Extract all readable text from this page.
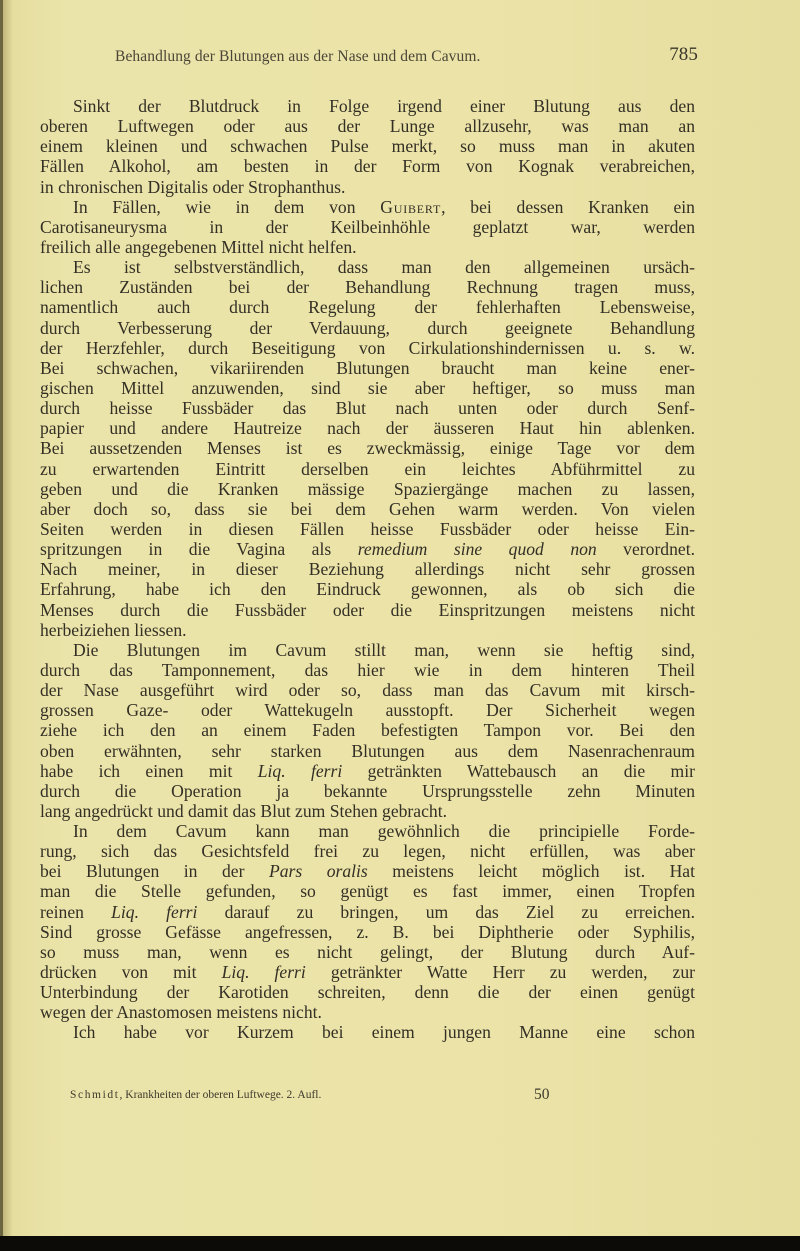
Behandlung der Blutungen aus der Nase und dem Cavum.	785
Sinkt der Blutdruck in Folge irgend einer Blutung aus den
oberen Luftwegen oder aus der Lunge allzusehr, was man an
einem kleinen und schwachen Pulse merkt, so muss man in akuten
Fällen Alkohol, am besten in der Form von Kognak verabreichen,
in chronischen Digitalis oder Strophanthus.
In Fällen, wie in dem von Guibert, bei dessen Kranken ein
Carotisaneurysma in der Keilbeinhöhle geplatzt war, werden
freilich alle angegebenen Mittel nicht helfen.
Es ist selbstverständlich, dass man den allgemeinen ursäch-
lichen Zuständen bei der Behandlung Rechnung tragen muss,
namentlich auch durch Regelung der fehlerhaften Lebensweise,
durch Verbesserung der Verdauung, durch geeignete Behandlung
der Herzfehler, durch Beseitigung von Cirkulationshindernissen u. s. w.
Bei schwachen, vikariirenden Blutungen braucht man keine ener-
gischen Mittel anzuwenden, sind sie aber heftiger, so muss man
durch heisse Fussbäder das Blut nach unten oder durch Senf-
papier und andere Hautreize nach der äusseren Haut hin ablenken.
Bei aussetzenden Menses ist es zweckmässig, einige Tage vor dem
zu erwartenden Eintritt derselben ein leichtes Abführmittel zu
geben und die Kranken mässige Spaziergänge machen zu lassen,
aber doch so, dass sie bei dem Gehen warm werden. Von vielen
Seiten werden in diesen Fällen heisse Fussbäder oder heisse Ein-
spritzungen in die Vagina als remedium sine quod non verordnet.
Nach meiner, in dieser Beziehung allerdings nicht sehr grossen
Erfahrung, habe ich den Eindruck gewonnen, als ob sich die
Menses durch die Fussbäder oder die Einspritzungen meistens nicht
herbeiziehen liessen.
Die Blutungen im Cavum stillt man, wenn sie heftig sind,
durch das Tamponnement, das hier wie in dem hinteren Theil
der Nase ausgeführt wird oder so, dass man das Cavum mit kirsch-
grossen Gaze- oder Wattekugeln ausstopft. Der Sicherheit wegen
ziehe ich den an einem Faden befestigten Tampon vor. Bei den
oben erwähnten, sehr starken Blutungen aus dem Nasenrachenraum
habe ich einen mit Liq. ferri getränkten Wattebausch an die mir
durch die Operation ja bekannte Ursprungsstelle zehn Minuten
lang angedrückt und damit das Blut zum Stehen gebracht.
In dem Cavum kann man gewöhnlich die principielle Forde-
rung, sich das Gesichtsfeld frei zu legen, nicht erfüllen, was aber
bei Blutungen in der Pars oralis meistens leicht möglich ist. Hat
man die Stelle gefunden, so genügt es fast immer, einen Tropfen
reinen Liq. ferri darauf zu bringen, um das Ziel zu erreichen.
Sind grosse Gefässe angefressen, z. B. bei Diphtherie oder Syphilis,
so muss man, wenn es nicht gelingt, der Blutung durch Auf-
drücken von mit Liq. ferri getränkter Watte Herr zu werden, zur
Unterbindung der Karotiden schreiten, denn die der einen genügt
wegen der Anastomosen meistens nicht.
Ich habe vor Kurzem bei einem jungen Manne eine schon
Schmidt, Krankheiten der oberen Luftwege. 2. Aufl.	50
